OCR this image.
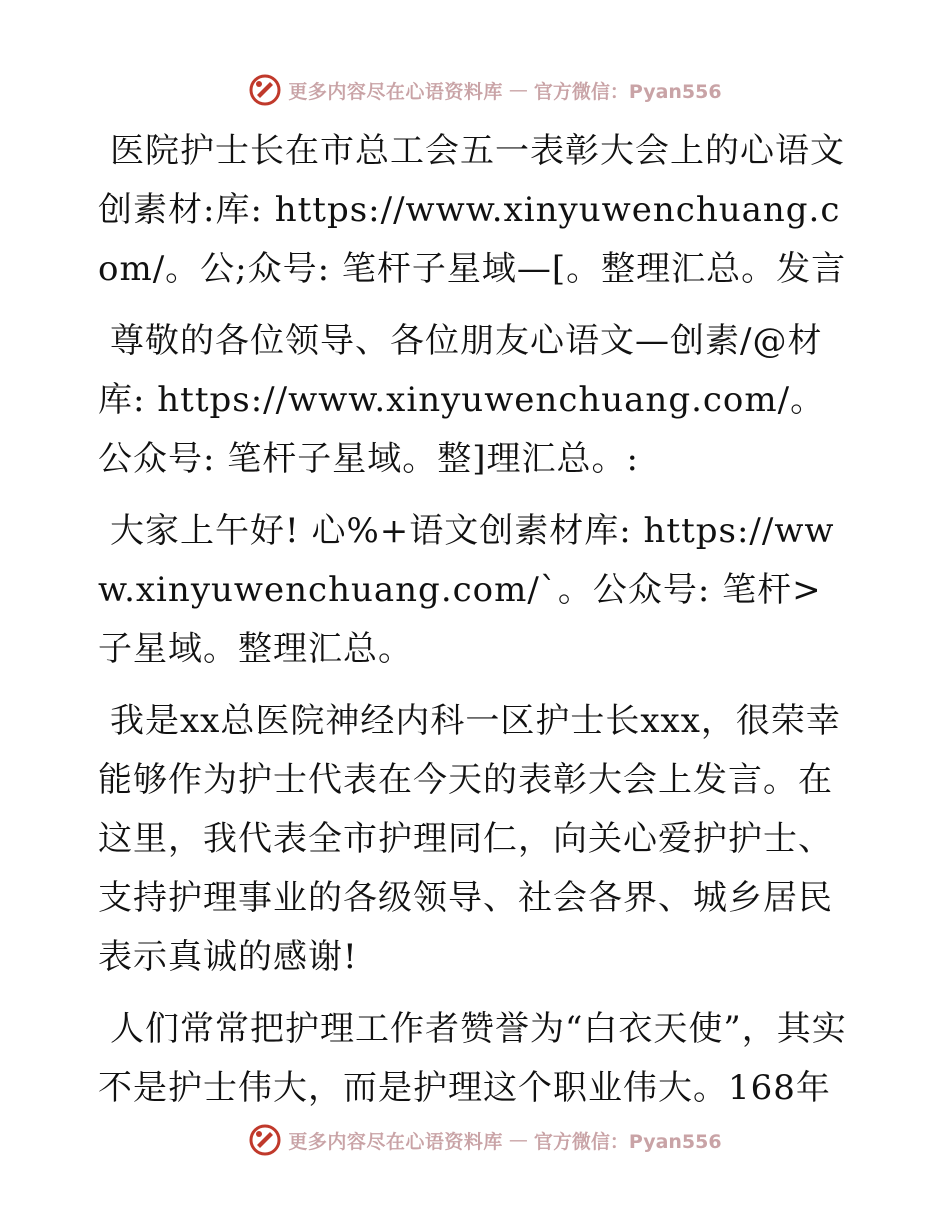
更多内容尽在心语资料库 — 官方微信：Pyan556

医院护士长在市总工会五一表彰大会上的心语文创素材:库: https://www.xinyuwenchuang.com/。公;众号: 笔杆子星域—[。整理汇总。发言

尊敬的各位领导、各位朋友心语文—创素/@材库: https://www.xinyuwenchuang.com/。公众号: 笔杆子星域。整]理汇总。:

大家上午好! 心%+语文创素材库: https://www.xinyuwenchuang.com/`。公众号: 笔杆>子星域。整理汇总。

我是xx总医院神经内科一区护士长xxx，很荣幸能够作为护士代表在今天的表彰大会上发言。在这里，我代表全市护理同仁，向关心爱护护士、支持护理事业的各级领导、社会各界、城乡居民表示真诚的感谢!

人们常常把护理工作者赞誉为“白衣天使”，其实不是护士伟大，而是护理这个职业伟大。168年

更多内容尽在心语资料库 — 官方微信：Pyan556
